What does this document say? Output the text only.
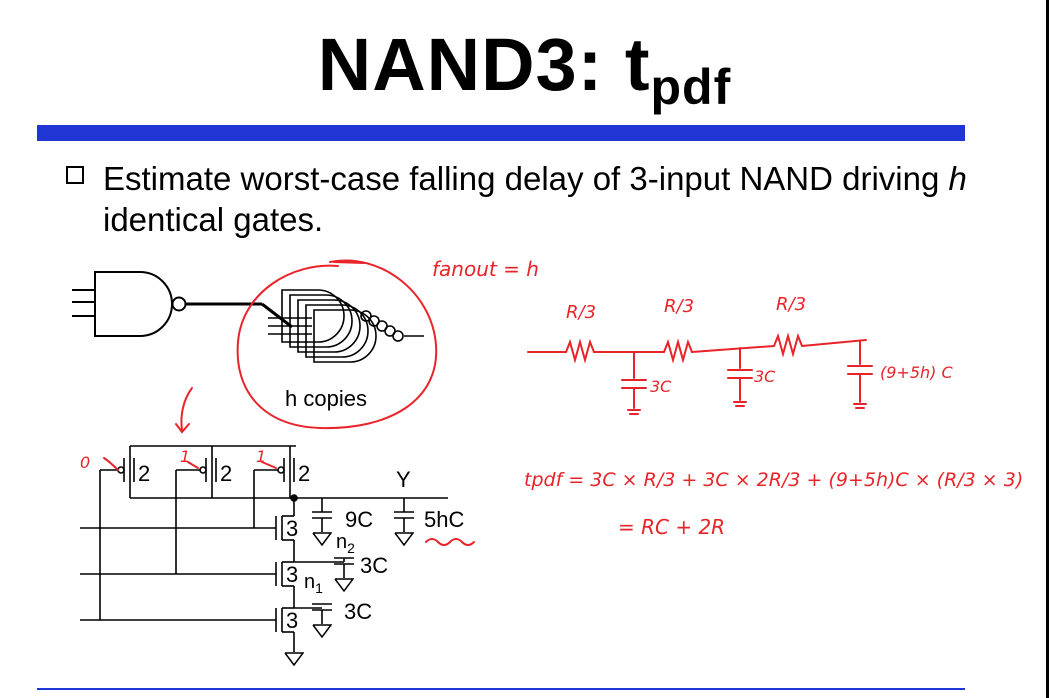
NAND3: tpdf
Estimate worst-case falling delay of 3-input NAND driving h identical gates.
h copies
2	2	2
3
3
3
Y
9C 5hC
$n_2$
$n_1$
3C
3C
fanout = h
R/3	R/3	R/3
3C
3C	(9+5h) C
0	1	1
tpdf = 3C × R/3 + 3C × 2R/3 + (9+5h)C × (R/3 × 3)
= RC + 2R
